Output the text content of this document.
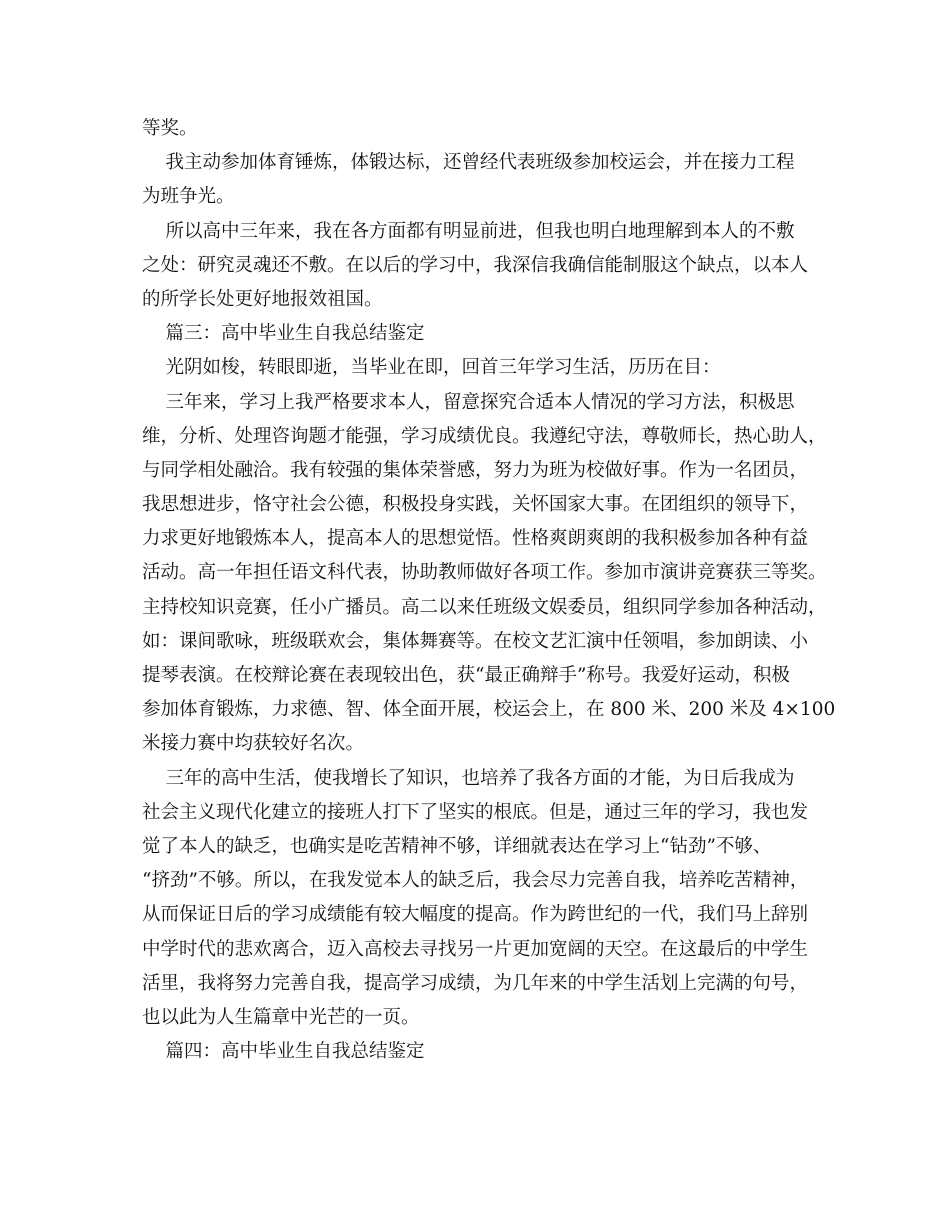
等奖。
我主动参加体育锤炼，体锻达标，还曾经代表班级参加校运会，并在接力工程
为班争光。
所以高中三年来，我在各方面都有明显前进，但我也明白地理解到本人的不敷
之处：研究灵魂还不敷。在以后的学习中，我深信我确信能制服这个缺点，以本人
的所学长处更好地报效祖国。
篇三：高中毕业生自我总结鉴定
光阴如梭，转眼即逝，当毕业在即，回首三年学习生活，历历在目：
三年来，学习上我严格要求本人，留意探究合适本人情况的学习方法，积极思
维，分析、处理咨询题才能强，学习成绩优良。我遵纪守法，尊敬师长，热心助人，
与同学相处融洽。我有较强的集体荣誉感，努力为班为校做好事。作为一名团员，
我思想进步，恪守社会公德，积极投身实践，关怀国家大事。在团组织的领导下，
力求更好地锻炼本人，提高本人的思想觉悟。性格爽朗爽朗的我积极参加各种有益
活动。高一年担任语文科代表，协助教师做好各项工作。参加市演讲竞赛获三等奖。
主持校知识竞赛，任小广播员。高二以来任班级文娱委员，组织同学参加各种活动，
如：课间歌咏，班级联欢会，集体舞赛等。在校文艺汇演中任领唱，参加朗读、小
提琴表演。在校辩论赛在表现较出色，获“最正确辩手”称号。我爱好运动，积极
参加体育锻炼，力求德、智、体全面开展，校运会上，在 800 米、200 米及 4×100
米接力赛中均获较好名次。
三年的高中生活，使我增长了知识，也培养了我各方面的才能，为日后我成为
社会主义现代化建立的接班人打下了坚实的根底。但是，通过三年的学习，我也发
觉了本人的缺乏，也确实是吃苦精神不够，详细就表达在学习上“钻劲”不够、
“挤劲”不够。所以，在我发觉本人的缺乏后，我会尽力完善自我，培养吃苦精神，
从而保证日后的学习成绩能有较大幅度的提高。作为跨世纪的一代，我们马上辞别
中学时代的悲欢离合，迈入高校去寻找另一片更加宽阔的天空。在这最后的中学生
活里，我将努力完善自我，提高学习成绩，为几年来的中学生活划上完满的句号，
也以此为人生篇章中光芒的一页。
篇四：高中毕业生自我总结鉴定
